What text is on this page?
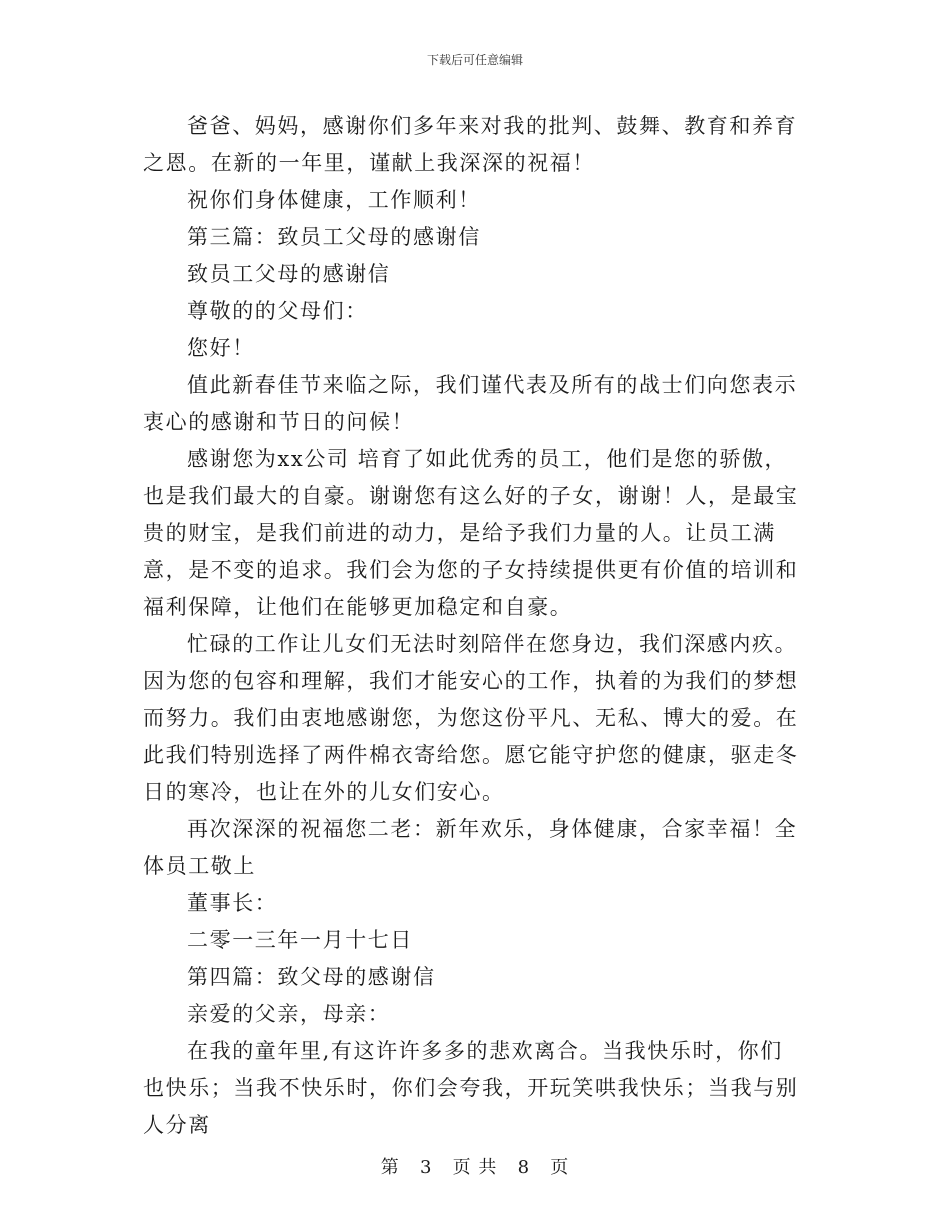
下载后可任意编辑

爸爸、妈妈，感谢你们多年来对我的批判、鼓舞、教育和养育之恩。在新的一年里，谨献上我深深的祝福！

祝你们身体健康，工作顺利！

第三篇：致员工父母的感谢信

致员工父母的感谢信

尊敬的的父母们：

您好！

值此新春佳节来临之际，我们谨代表及所有的战士们向您表示衷心的感谢和节日的问候！

感谢您为xx公司 培育了如此优秀的员工，他们是您的骄傲，也是我们最大的自豪。谢谢您有这么好的子女，谢谢！人，是最宝贵的财宝，是我们前进的动力，是给予我们力量的人。让员工满意，是不变的追求。我们会为您的子女持续提供更有价值的培训和福利保障，让他们在能够更加稳定和自豪。

忙碌的工作让儿女们无法时刻陪伴在您身边，我们深感内疚。因为您的包容和理解，我们才能安心的工作，执着的为我们的梦想而努力。我们由衷地感谢您，为您这份平凡、无私、博大的爱。在此我们特别选择了两件棉衣寄给您。愿它能守护您的健康，驱走冬日的寒冷，也让在外的儿女们安心。

再次深深的祝福您二老：新年欢乐，身体健康，合家幸福！全体员工敬上

董事长：

二零一三年一月十七日

第四篇：致父母的感谢信

亲爱的父亲，母亲：

在我的童年里,有这许许多多的悲欢离合。当我快乐时，你们也快乐；当我不快乐时，你们会夸我，开玩笑哄我快乐；当我与别人分离

第 3 页 共 8 页
